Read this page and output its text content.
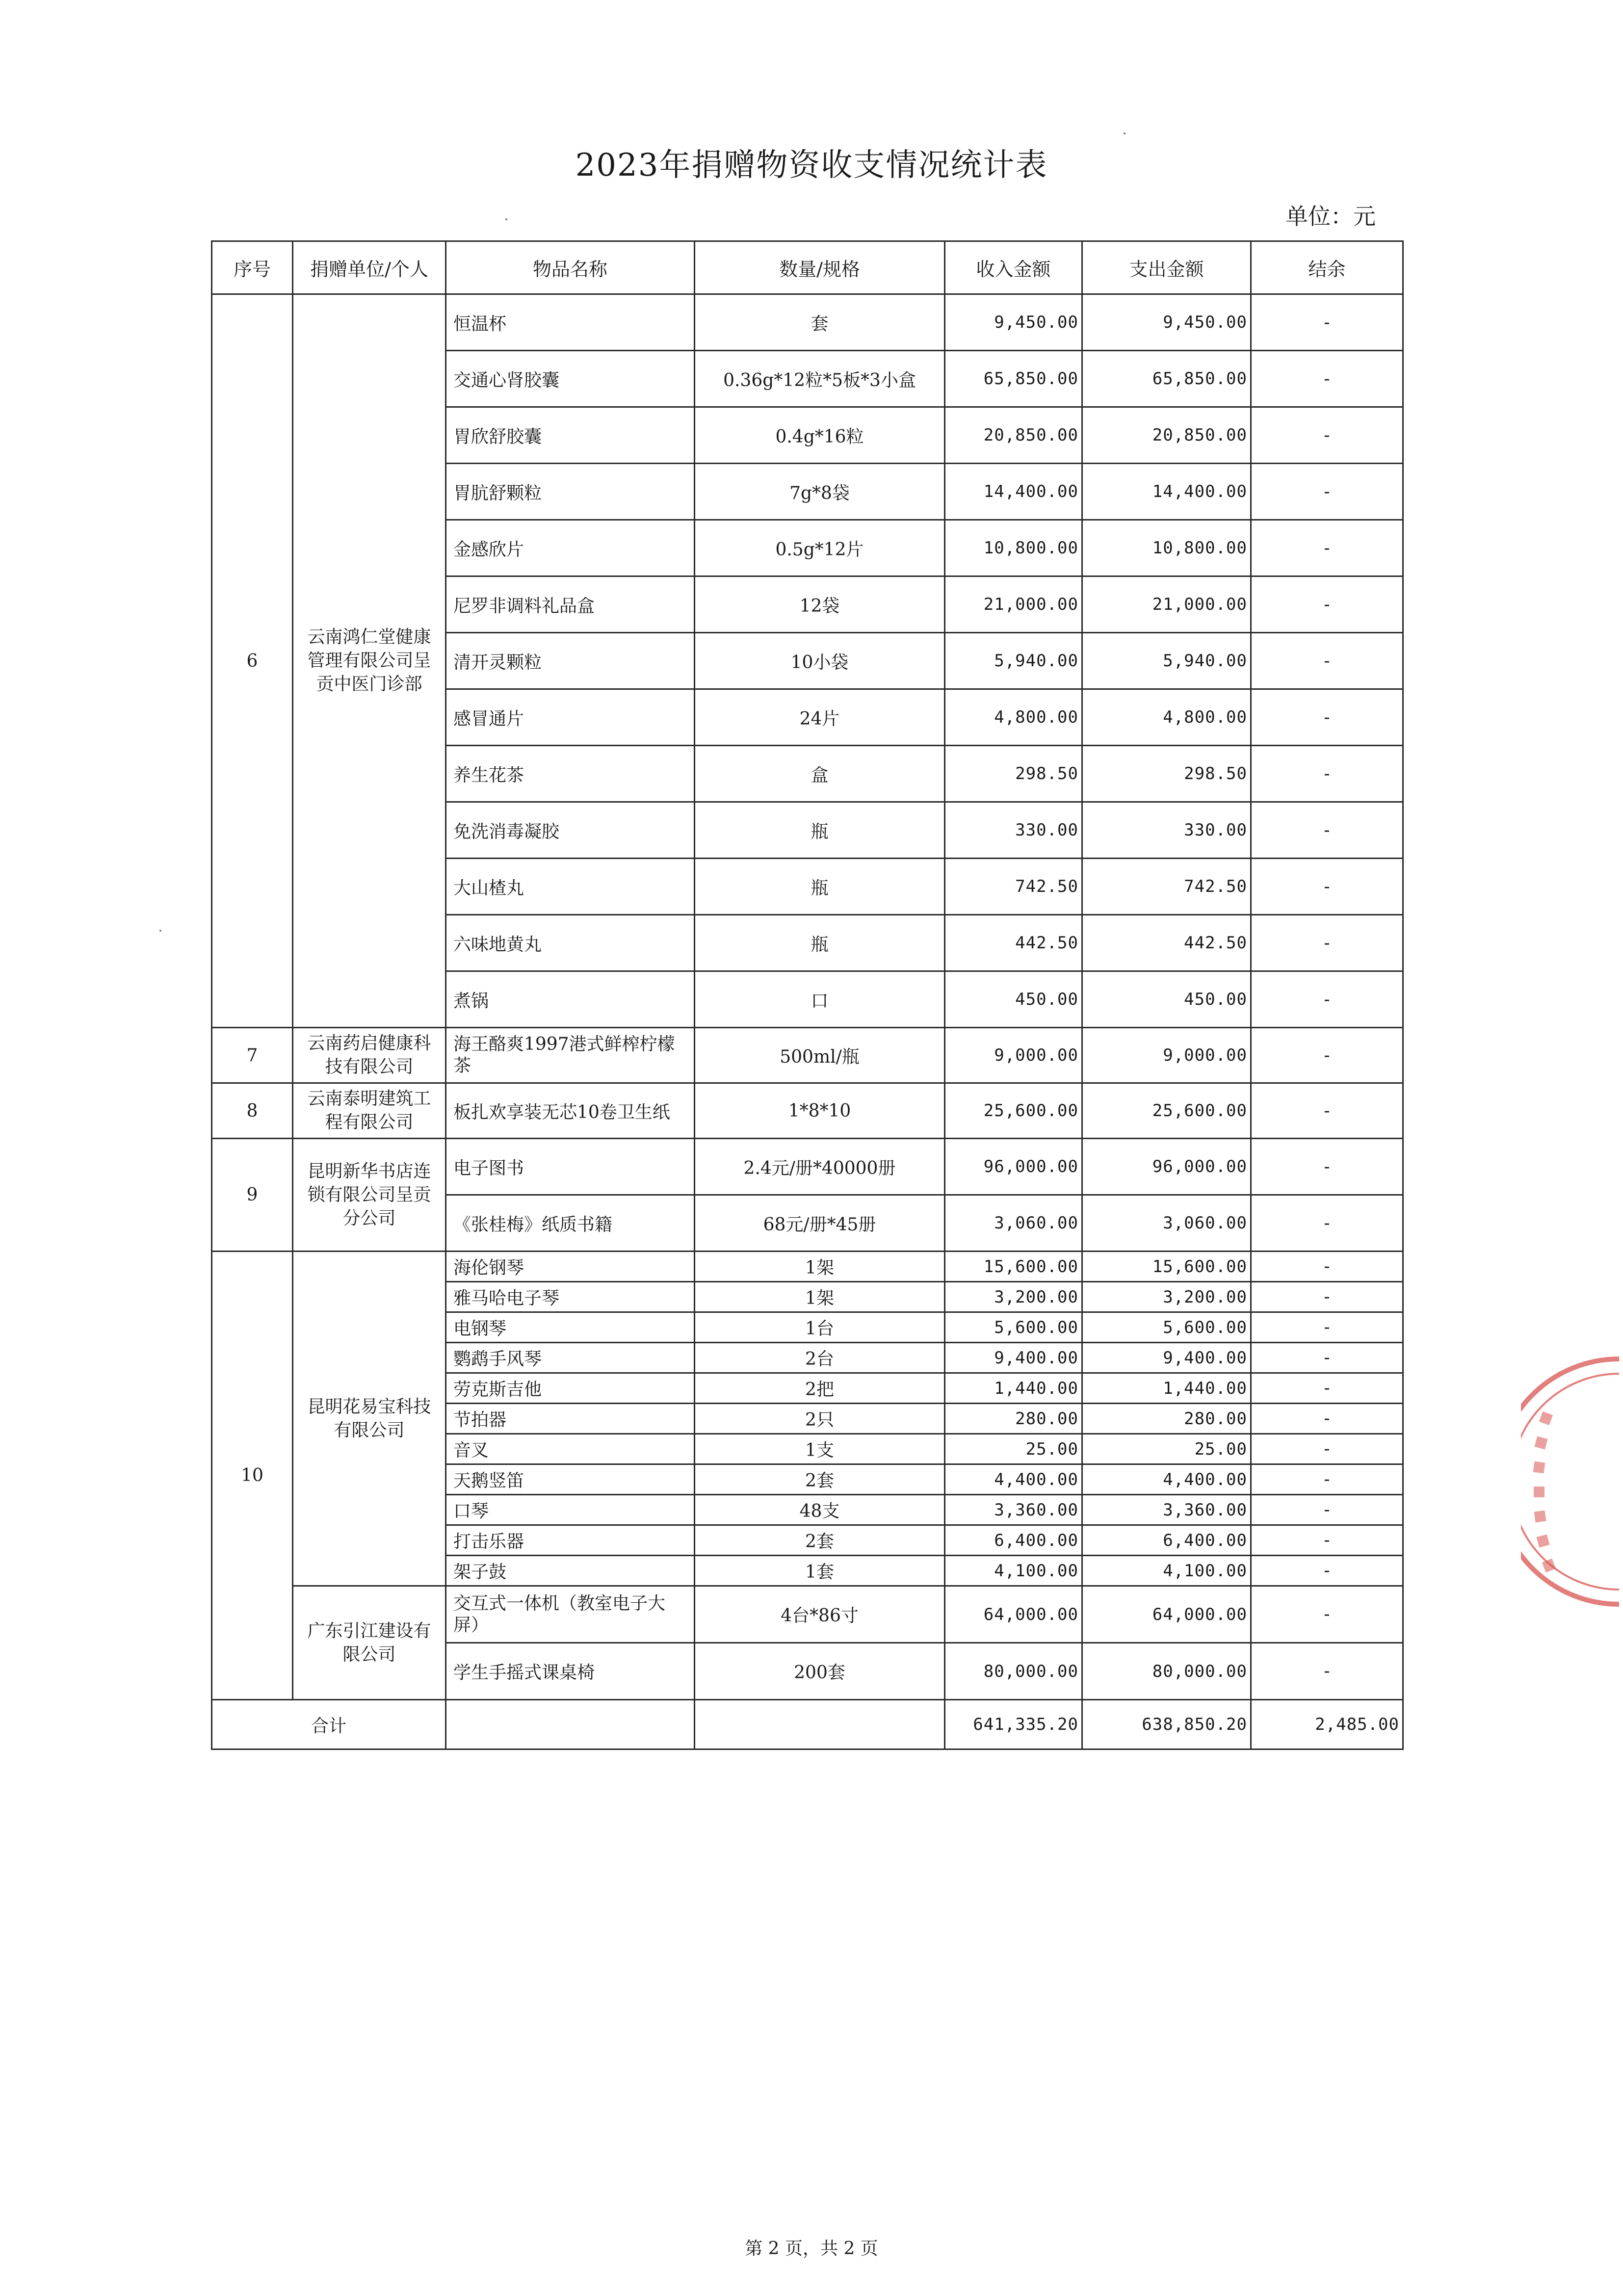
2023年捐赠物资收支情况统计表
单位：元
序号	捐赠单位/个人	物品名称	数量/规格	收入金额	支出金额	结余
6	云南鸿仁堂健康管理有限公司呈贡中医门诊部	恒温杯	套	9,450.00	9,450.00	-
		交通心肾胶囊	0.36g*12粒*5板*3小盒	65,850.00	65,850.00	-
		胃欣舒胶囊	0.4g*16粒	20,850.00	20,850.00	-
		胃肮舒颗粒	7g*8袋	14,400.00	14,400.00	-
		金感欣片	0.5g*12片	10,800.00	10,800.00	-
		尼罗非调料礼品盒	12袋	21,000.00	21,000.00	-
		清开灵颗粒	10小袋	5,940.00	5,940.00	-
		感冒通片	24片	4,800.00	4,800.00	-
		养生花茶	盒	298.50	298.50	-
		免洗消毒凝胶	瓶	330.00	330.00	-
		大山楂丸	瓶	742.50	742.50	-
		六味地黄丸	瓶	442.50	442.50	-
		煮锅	口	450.00	450.00	-
7	云南药启健康科技有限公司	海王酪爽1997港式鲜榨柠檬茶	500ml/瓶	9,000.00	9,000.00	-
8	云南泰明建筑工程有限公司	板扎欢享装无芯10卷卫生纸	1*8*10	25,600.00	25,600.00	-
9	昆明新华书店连锁有限公司呈贡分公司	电子图书	2.4元/册*40000册	96,000.00	96,000.00	-
		《张桂梅》纸质书籍	68元/册*45册	3,060.00	3,060.00	-
10	昆明花易宝科技有限公司	海伦钢琴	1架	15,600.00	15,600.00	-
		雅马哈电子琴	1架	3,200.00	3,200.00	-
		电钢琴	1台	5,600.00	5,600.00	-
		鹦鹉手风琴	2台	9,400.00	9,400.00	-
		劳克斯吉他	2把	1,440.00	1,440.00	-
		节拍器	2只	280.00	280.00	-
		音叉	1支	25.00	25.00	-
		天鹅竖笛	2套	4,400.00	4,400.00	-
		口琴	48支	3,360.00	3,360.00	-
		打击乐器	2套	6,400.00	6,400.00	-
		架子鼓	1套	4,100.00	4,100.00	-
	广东引江建设有限公司	交互式一体机（教室电子大屏）	4台*86寸	64,000.00	64,000.00	-
		学生手摇式课桌椅	200套	80,000.00	80,000.00	-
合计				641,335.20	638,850.20	2,485.00
第 2 页，共 2 页
